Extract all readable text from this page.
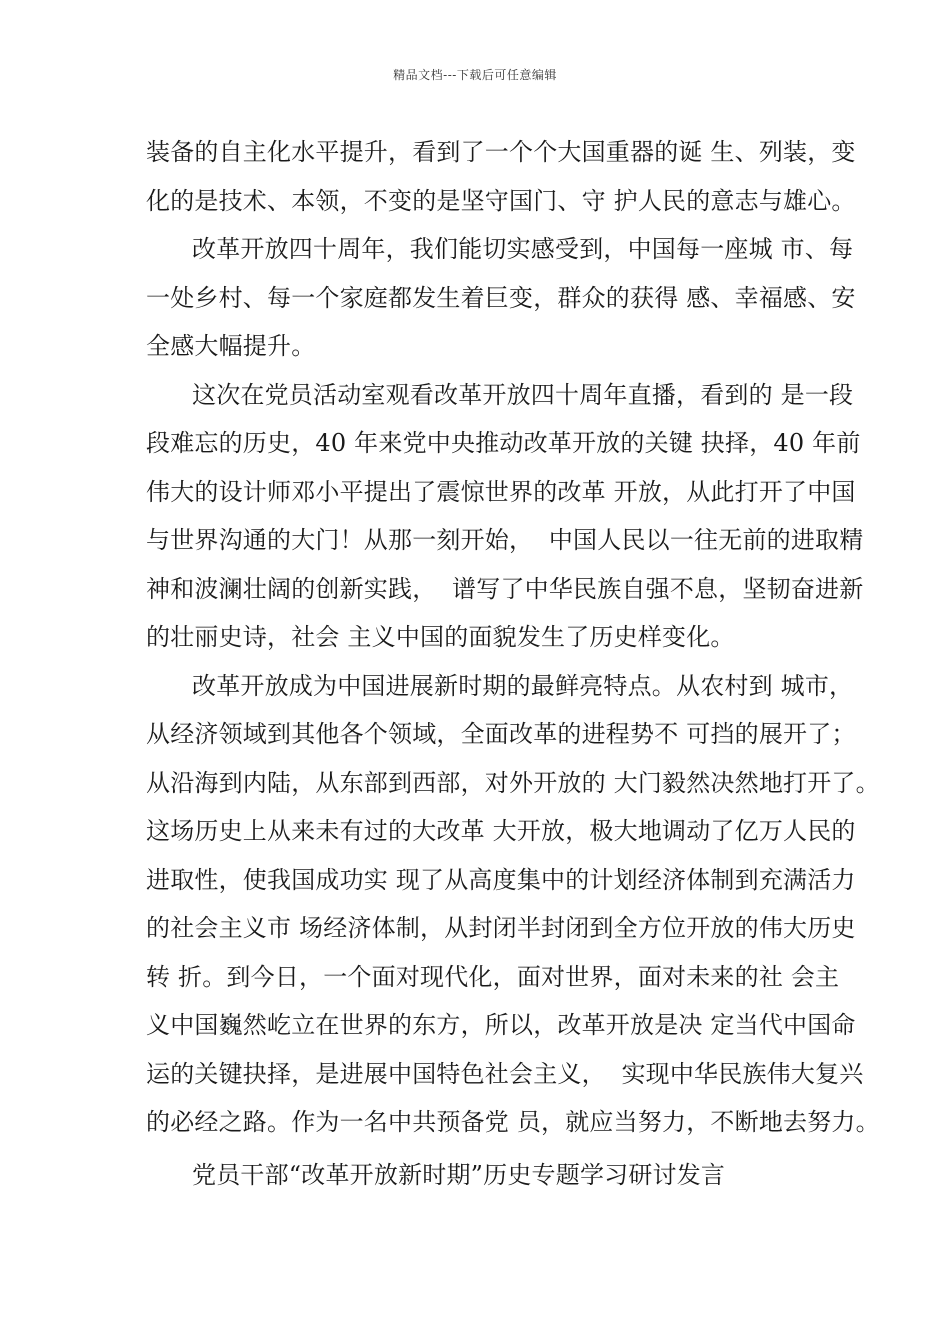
精品文档---下载后可任意编辑
装备的自主化水平提升，看到了一个个大国重器的诞 生、列装，变
化的是技术、本领，不变的是坚守国门、守 护人民的意志与雄心。
改革开放四十周年，我们能切实感受到，中国每一座城 市、每
一处乡村、每一个家庭都发生着巨变，群众的获得 感、幸福感、安
全感大幅提升。
这次在党员活动室观看改革开放四十周年直播，看到的 是一段
段难忘的历史，40 年来党中央推动改革开放的关键 抉择，40 年前
伟大的设计师邓小平提出了震惊世界的改革 开放，从此打开了中国
与世界沟通的大门！从那一刻开始，  中国人民以一往无前的进取精
神和波澜壮阔的创新实践，  谱写了中华民族自强不息，坚韧奋进新
的壮丽史诗，社会 主义中国的面貌发生了历史样变化。
改革开放成为中国进展新时期的最鲜亮特点。从农村到 城市，
从经济领域到其他各个领域，全面改革的进程势不 可挡的展开了；
从沿海到内陆，从东部到西部，对外开放的 大门毅然决然地打开了。
这场历史上从来未有过的大改革 大开放，极大地调动了亿万人民的
进取性，使我国成功实 现了从高度集中的计划经济体制到充满活力
的社会主义市 场经济体制，从封闭半封闭到全方位开放的伟大历史
转 折。到今日，一个面对现代化，面对世界，面对未来的社 会主
义中国巍然屹立在世界的东方，所以，改革开放是决 定当代中国命
运的关键抉择，是进展中国特色社会主义，  实现中华民族伟大复兴
的必经之路。作为一名中共预备党 员，就应当努力，不断地去努力。
党员干部“改革开放新时期”历史专题学习研讨发言
